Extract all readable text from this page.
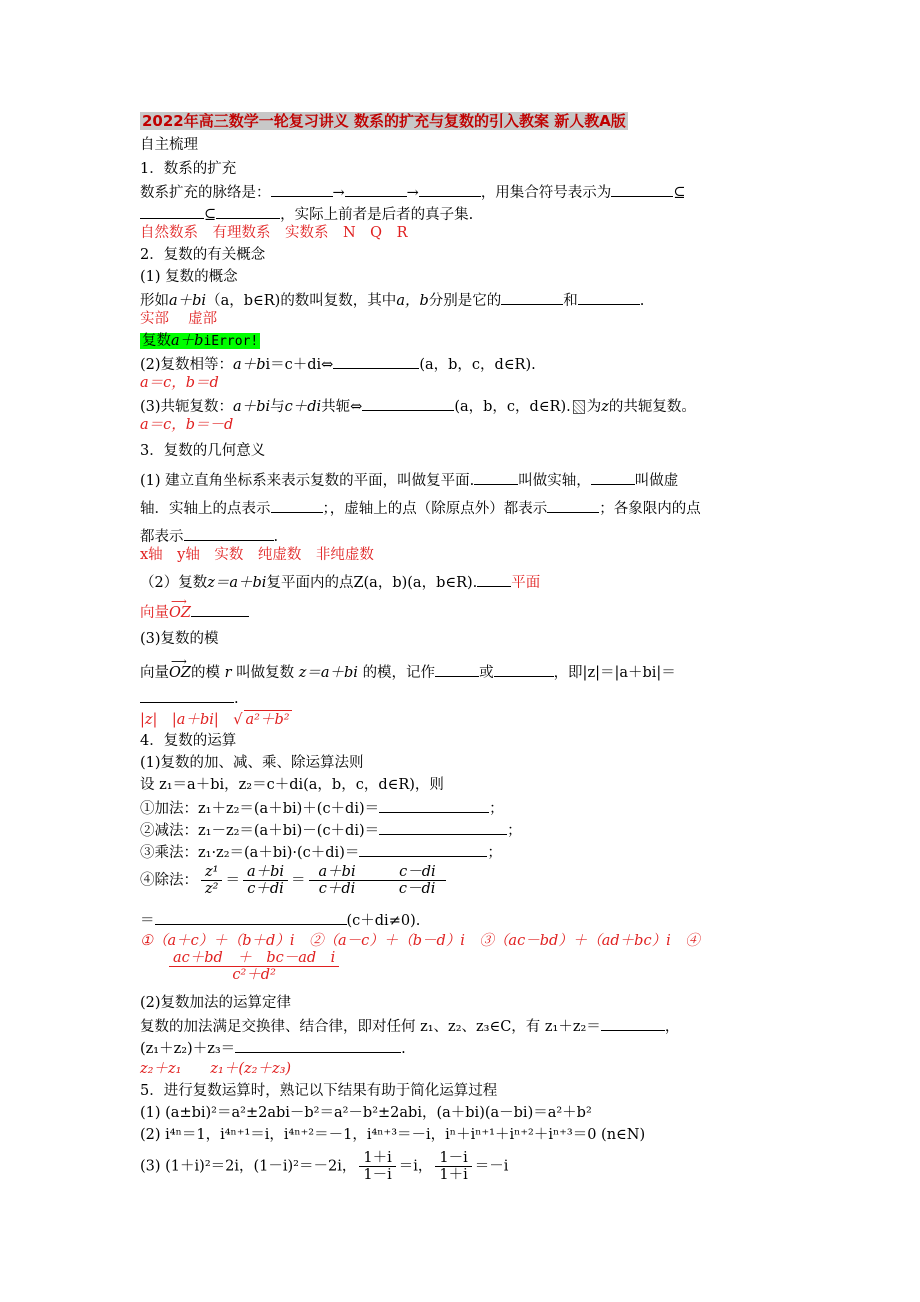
2022年高三数学一轮复习讲义 数系的扩充与复数的引入教案 新人教A版
自主梳理
1．数系的扩充
数系扩充的脉络是：	→	→	，用集合符号表示为	⊆
⊆	，实际上前者是后者的真子集.
自然数系　有理数系　实数系　N　Q　R
2．复数的有关概念
(1) 复数的概念
形如a＋bi（a，b∈R)的数叫复数，其中a，b分别是它的	和	.
实部　 虚部
复数a＋biError!
(2)复数相等：a＋bi＝c＋di⇔	(a，b，c，d∈R).
a＝c，b＝d
(3)共轭复数：a＋bi与c＋di共轭⇔	(a，b，c，d∈R). 为z的共轭复数。
a＝c，b＝－d
3．复数的几何意义
(1) 建立直角坐标系来表示复数的平面，叫做复平面.	叫做实轴，	叫做虚
轴．实轴上的点表示	；，虚轴上的点（除原点外）都表示	；各象限内的点
都表示	.
x轴　y轴　实数　纯虚数　非纯虚数
（2）复数z＝a＋bi复平面内的点Z(a，b)(a，b∈R). 平面
向量
⟶
OZ
(3)复数的模
向量
⟶
OZ的模 r 叫做复数 z＝a＋bi 的模，记作	或	，即|z|＝|a＋bi|＝
.
|z|　|a＋bi|　 √ a²＋b²
4．复数的运算
(1)复数的加、减、乘、除运算法则
设 z₁＝a＋bi，z₂＝c＋di(a，b，c，d∈R)，则
①加法：z₁＋z₂＝(a＋bi)＋(c＋di)＝	；
②减法：z₁－z₂＝(a＋bi)－(c＋di)＝	；
③乘法：z₁·z₂＝(a＋bi)·(c＋di)＝	；
④除法： $\frac{\text{z¹}}{\text{z²}} = \frac{a+bi}{c+di} = \frac{\text{a＋bi　　　c－di}}{\text{c＋di　　　c－di}}$
＝	(c＋di≠0).
①（a＋c）＋（b＋d）i　②（a－c）＋（b－d）i　③（ac－bd）＋（ad＋bc）i　④
$\frac{\text{ac＋bd　＋　bc－ad　i}}{\text{c²＋d²}}$
(2)复数加法的运算定律
复数的加法满足交换律、结合律，即对任何 z₁、z₂、z₃∈C，有 z₁＋z₂＝	，
(z₁＋z₂)＋z₃＝	.
z₂＋z₁　　z₁＋(z₂＋z₃)
5．进行复数运算时，熟记以下结果有助于简化运算过程
(1) (a±bi)²＝a²±2abi－b²＝a²－b²±2abi，(a＋bi)(a－bi)＝a²＋b²
(2) i⁴ⁿ＝1，i⁴ⁿ⁺¹＝i，i⁴ⁿ⁺²＝－1，i⁴ⁿ⁺³＝－i，iⁿ＋iⁿ⁺¹＋iⁿ⁺²＋iⁿ⁺³＝0 (n∈N)
(3) (1＋i)²＝2i，(1－i)²＝－2i， $\frac{1+i}{1-i} =i$， $\frac{1-i}{1+i} =-i$
